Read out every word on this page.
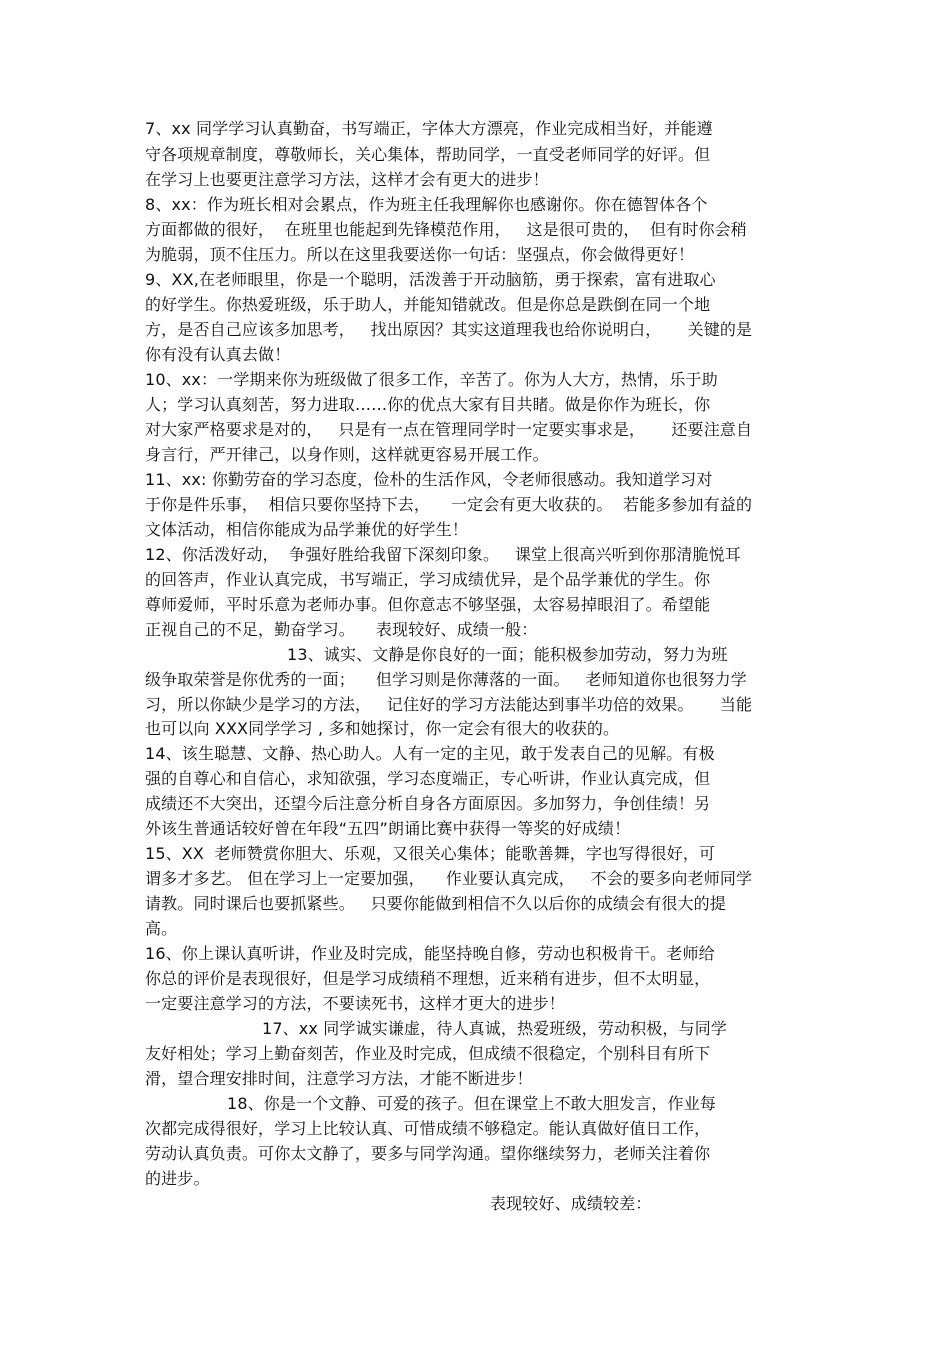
7、xx 同学学习认真勤奋，书写端正，字体大方漂亮，作业完成相当好，并能遵
守各项规章制度，尊敬师长，关心集体，帮助同学，一直受老师同学的好评。但
在学习上也要更注意学习方法，这样才会有更大的进步！
8、xx：作为班长相对会累点，作为班主任我理解你也感谢你。你在德智体各个
方面都做的很好，  在班里也能起到先锋模范作用，   这是很可贵的，  但有时你会稍
为脆弱，顶不住压力。所以在这里我要送你一句话：坚强点，你会做得更好！
9、XX,在老师眼里，你是一个聪明，活泼善于开动脑筋，勇于探索，富有进取心
的好学生。你热爱班级，乐于助人，并能知错就改。但是你总是跌倒在同一个地
方，是否自己应该多加思考，   找出原因？其实这道理我也给你说明白，     关键的是
你有没有认真去做！
10、xx：一学期来你为班级做了很多工作，辛苦了。你为人大方，热情，乐于助
人；学习认真刻苦，努力进取……你的优点大家有目共睹。做是你作为班长，你
对大家严格要求是对的，   只是有一点在管理同学时一定要实事求是，     还要注意自
身言行，严开律己，以身作则，这样就更容易开展工作。
11、xx: 你勤劳奋的学习态度，俭朴的生活作风，令老师很感动。我知道学习对
于你是件乐事，  相信只要你坚持下去，    一定会有更大收获的。  若能多参加有益的
文体活动，相信你能成为品学兼优的好学生！
12、你活泼好动，  争强好胜给我留下深刻印象。   课堂上很高兴听到你那清脆悦耳
的回答声，作业认真完成，书写端正，学习成绩优异，是个品学兼优的学生。你
尊师爱师，平时乐意为老师办事。但你意志不够坚强，太容易掉眼泪了。希望能
正视自己的不足，勤奋学习。    表现较好、成绩一般：
13、诚实、文静是你良好的一面；能积极参加劳动，努力为班
级争取荣誉是你优秀的一面；    但学习则是你薄落的一面。   老师知道你也很努力学
习，所以你缺少是学习的方法，   记住好的学习方法能达到事半功倍的效果。     当能
也可以向 XXX同学学习 , 多和她探讨，你一定会有很大的收获的。
14、该生聪慧、文静、热心助人。人有一定的主见，敢于发表自己的见解。有极
强的自尊心和自信心，求知欲强，学习态度端正，专心听讲，作业认真完成，但
成绩还不大突出，还望今后注意分析自身各方面原因。多加努力，争创佳绩！另
外该生普通话较好曾在年段“五四”朗诵比赛中获得一等奖的好成绩！
15、XX  老师赞赏你胆大、乐观，又很关心集体；能歌善舞，字也写得很好，可
谓多才多艺。 但在学习上一定要加强，    作业要认真完成，   不会的要多向老师同学
请教。同时课后也要抓紧些。   只要你能做到相信不久以后你的成绩会有很大的提
高。
16、你上课认真听讲，作业及时完成，能坚持晚自修，劳动也积极肯干。老师给
你总的评价是表现很好，但是学习成绩稍不理想，近来稍有进步，但不太明显，
一定要注意学习的方法，不要读死书，这样才更大的进步！
17、xx 同学诚实谦虚，待人真诚，热爱班级，劳动积极，与同学
友好相处；学习上勤奋刻苦，作业及时完成，但成绩不很稳定，个别科目有所下
滑，望合理安排时间，注意学习方法，才能不断进步！
18、你是一个文静、可爱的孩子。但在课堂上不敢大胆发言，作业每
次都完成得很好，学习上比较认真、可惜成绩不够稳定。能认真做好值日工作，
劳动认真负责。可你太文静了，要多与同学沟通。望你继续努力，老师关注着你
的进步。
表现较好、成绩较差：
